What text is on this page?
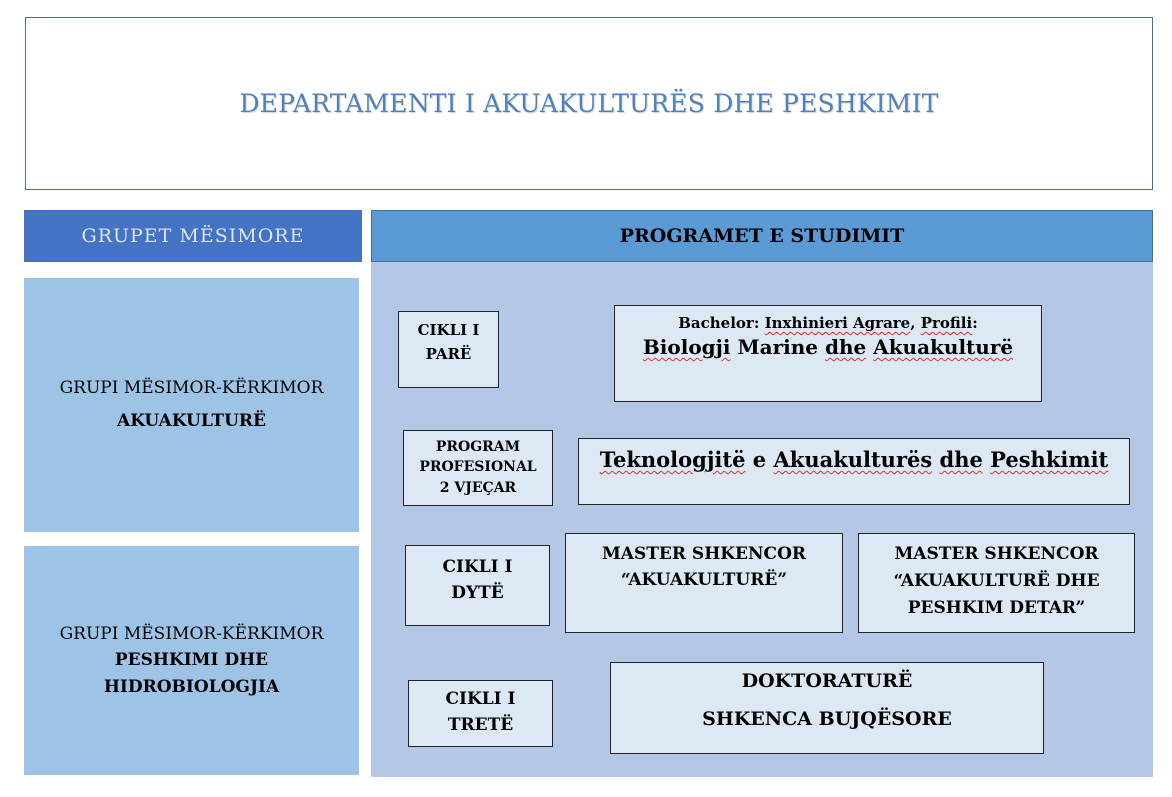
DEPARTAMENTI I AKUAKULTURËS DHE PESHKIMIT
GRUPET MËSIMORE
GRUPI MËSIMOR-KËRKIMOR
AKUAKULTURË
GRUPI MËSIMOR-KËRKIMOR
PESHKIMI DHE
HIDROBIOLOGJIA
PROGRAMET E STUDIMIT
CIKLI I
PARË
Bachelor: Inxhinieri Agrare, Profili:
Biologji Marine dhe Akuakulturë
PROGRAM
PROFESIONAL
2 VJEÇAR
Teknologjitë e Akuakulturës dhe Peshkimit
CIKLI I
DYTË
MASTER SHKENCOR
“AKUAKULTURË”
MASTER SHKENCOR
“AKUAKULTURË DHE
PESHKIM DETAR”
CIKLI I
TRETË
DOKTORATURË
SHKENCA BUJQËSORE
